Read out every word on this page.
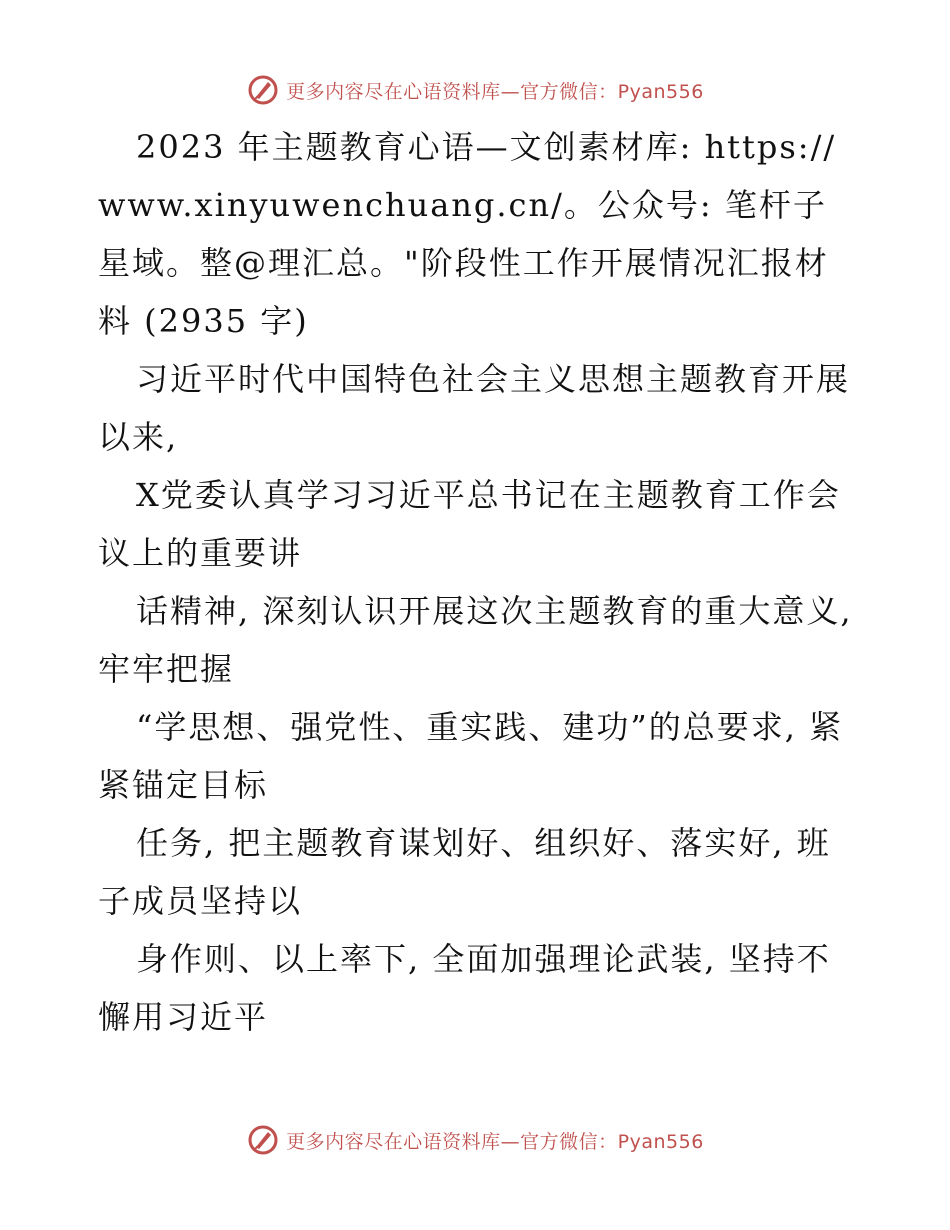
更多内容尽在心语资料库—官方微信：Pyan556

2023 年主题教育心语—文创素材库: https://www.xinyuwenchuang.cn/。公众号: 笔杆子星域。整@理汇总。"阶段性工作开展情况汇报材料 (2935 字)

习近平时代中国特色社会主义思想主题教育开展以来,

X党委认真学习习近平总书记在主题教育工作会议上的重要讲

话精神, 深刻认识开展这次主题教育的重大意义, 牢牢把握

“学思想、强党性、重实践、建功”的总要求, 紧紧锚定目标

任务, 把主题教育谋划好、组织好、落实好, 班子成员坚持以

身作则、以上率下, 全面加强理论武装, 坚持不懈用习近平

更多内容尽在心语资料库—官方微信：Pyan556
